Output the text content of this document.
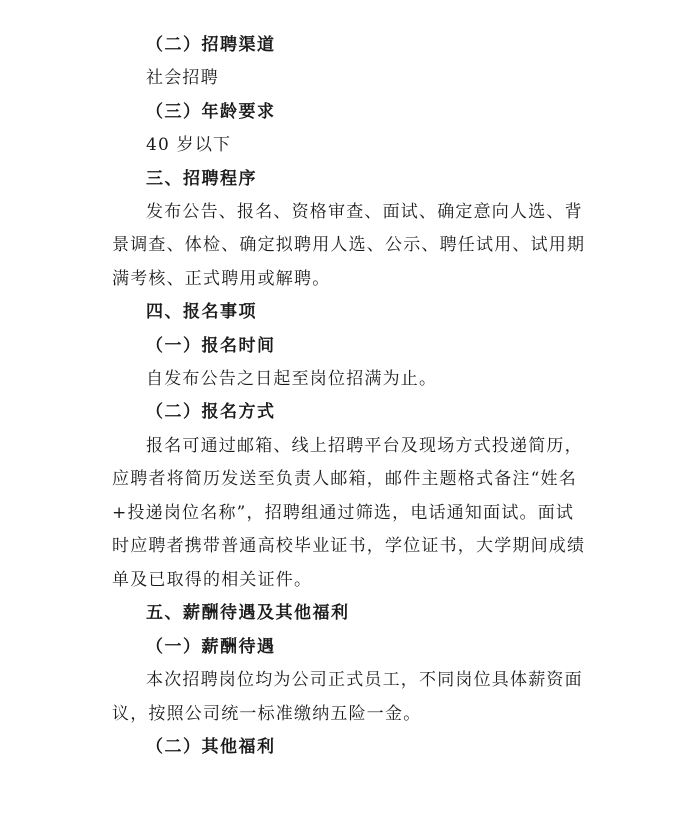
（二）招聘渠道
社会招聘
（三）年龄要求
40 岁以下
三、招聘程序
发布公告、报名、资格审查、面试、确定意向人选、背
景调查、体检、确定拟聘用人选、公示、聘任试用、试用期
满考核、正式聘用或解聘。
四、报名事项
（一）报名时间
自发布公告之日起至岗位招满为止。
（二）报名方式
报名可通过邮箱、线上招聘平台及现场方式投递简历，
应聘者将简历发送至负责人邮箱，邮件主题格式备注“姓名
+投递岗位名称”，招聘组通过筛选，电话通知面试。面试
时应聘者携带普通高校毕业证书，学位证书，大学期间成绩
单及已取得的相关证件。
五、薪酬待遇及其他福利
（一）薪酬待遇
本次招聘岗位均为公司正式员工，不同岗位具体薪资面
议，按照公司统一标准缴纳五险一金。
（二）其他福利
